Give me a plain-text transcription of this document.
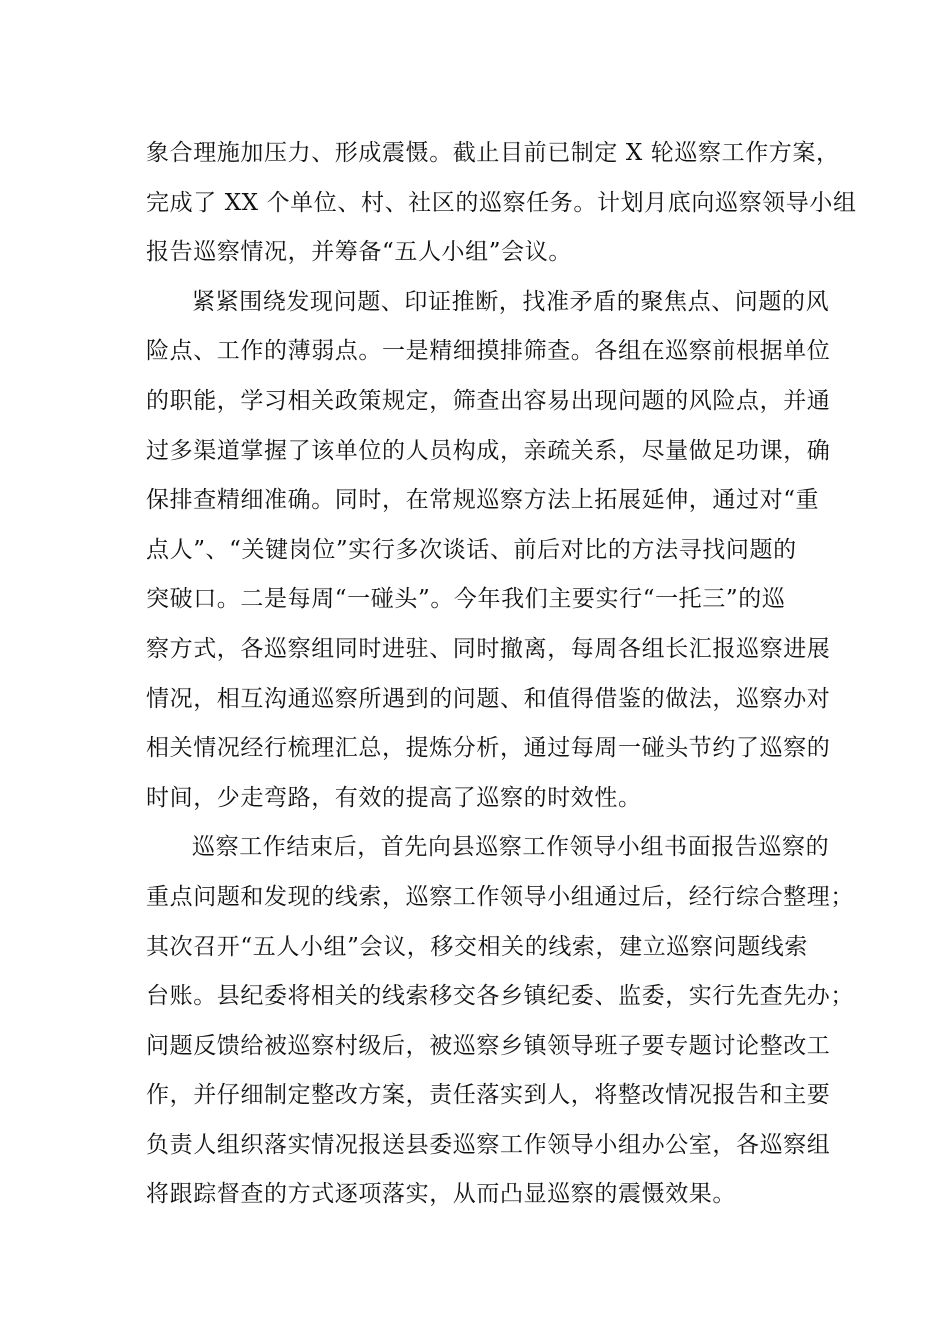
象合理施加压力、形成震慑。截止目前已制定 X 轮巡察工作方案，
完成了 XX 个单位、村、社区的巡察任务。计划月底向巡察领导小组
报告巡察情况，并筹备“五人小组”会议。

紧紧围绕发现问题、印证推断，找准矛盾的聚焦点、问题的风
险点、工作的薄弱点。一是精细摸排筛查。各组在巡察前根据单位
的职能，学习相关政策规定，筛查出容易出现问题的风险点，并通
过多渠道掌握了该单位的人员构成，亲疏关系，尽量做足功课，确
保排查精细准确。同时，在常规巡察方法上拓展延伸，通过对“重
点人”、“关键岗位”实行多次谈话、前后对比的方法寻找问题的
突破口。二是每周“一碰头”。今年我们主要实行“一托三”的巡
察方式，各巡察组同时进驻、同时撤离，每周各组长汇报巡察进展
情况，相互沟通巡察所遇到的问题、和值得借鉴的做法，巡察办对
相关情况经行梳理汇总，提炼分析，通过每周一碰头节约了巡察的
时间，少走弯路，有效的提高了巡察的时效性。

巡察工作结束后，首先向县巡察工作领导小组书面报告巡察的
重点问题和发现的线索，巡察工作领导小组通过后，经行综合整理；
其次召开“五人小组”会议，移交相关的线索，建立巡察问题线索
台账。县纪委将相关的线索移交各乡镇纪委、监委，实行先查先办；
问题反馈给被巡察村级后，被巡察乡镇领导班子要专题讨论整改工
作，并仔细制定整改方案，责任落实到人，将整改情况报告和主要
负责人组织落实情况报送县委巡察工作领导小组办公室，各巡察组
将跟踪督查的方式逐项落实，从而凸显巡察的震慑效果。
